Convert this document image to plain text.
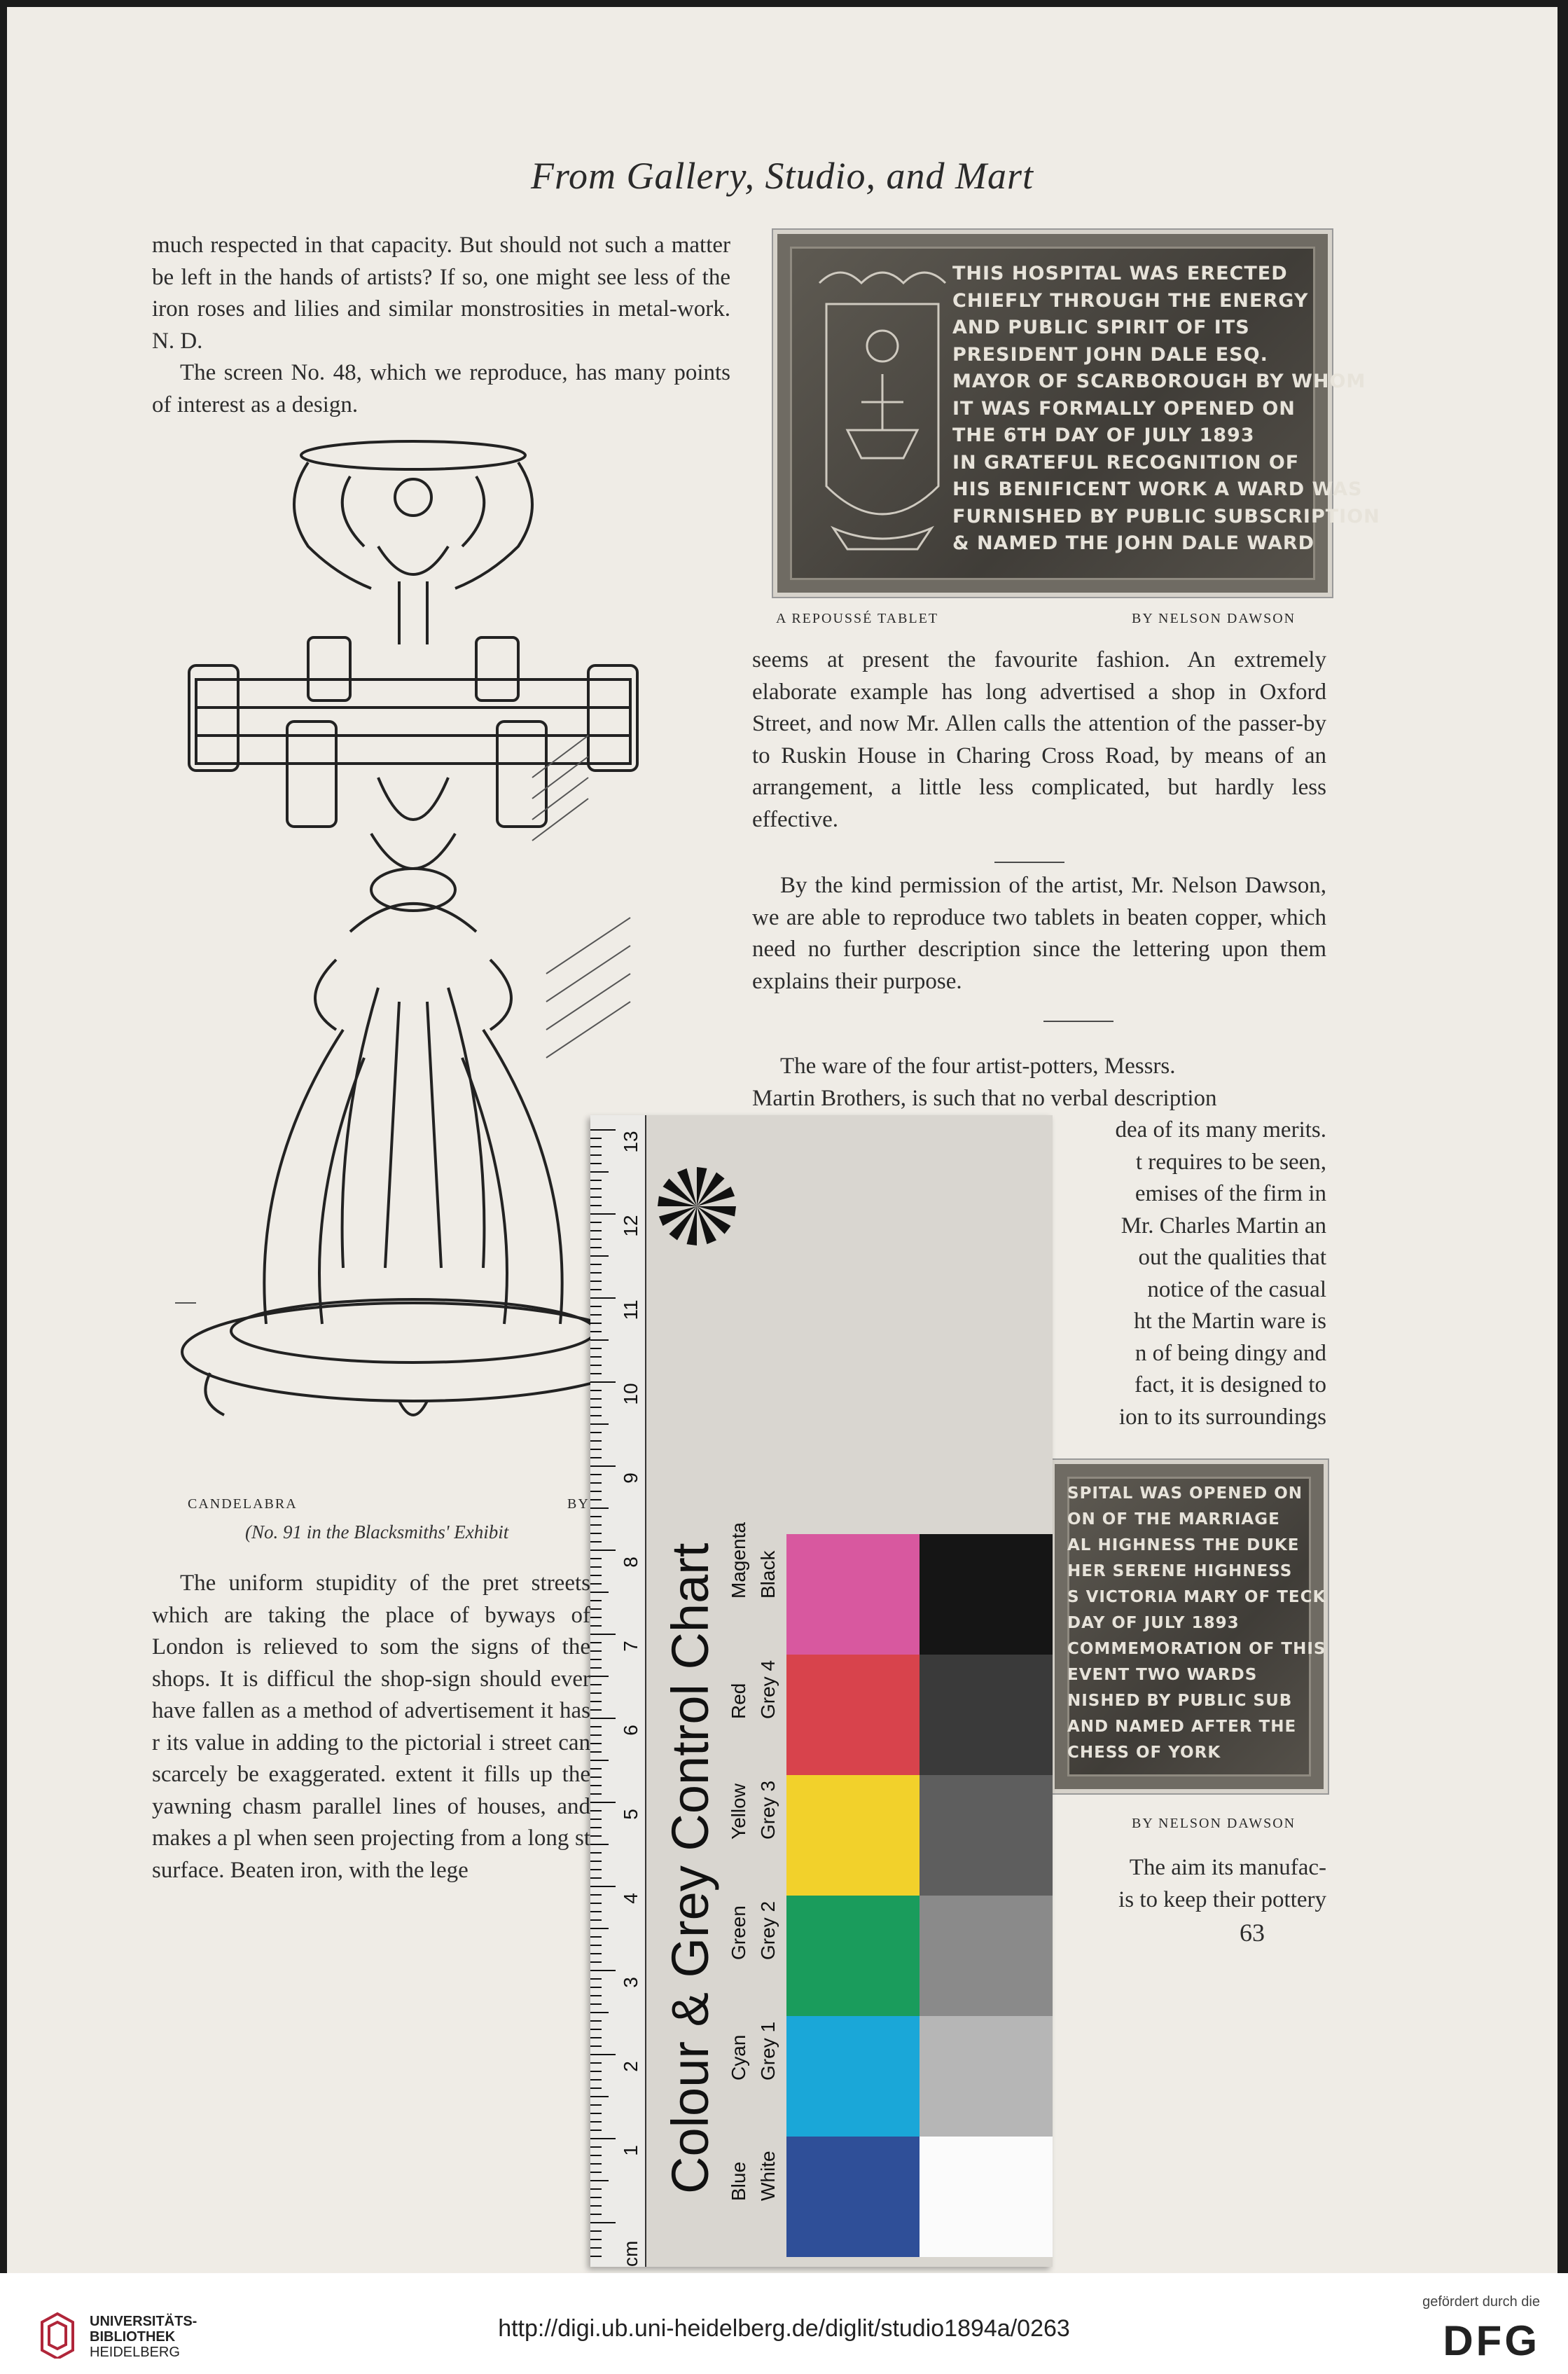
From Gallery, Studio, and Mart

much respected in that capacity. But should not such a matter be left in the hands of artists? If so, one might see less of the iron roses and lilies and similar monstrosities in metal-work. N. D.

The screen No. 48, which we reproduce, has many points of interest as a design.

CANDELABRA	BY
(No. 91 in the Blacksmiths' Exhibit

The uniform stupidity of the pret streets which are taking the place of byways of London is relieved to som the signs of the shops. It is difficul the shop-sign should ever have fallen as a method of advertisement it has r its value in adding to the pictorial i street can scarcely be exaggerated. extent it fills up the yawning chasm parallel lines of houses, and makes a pl when seen projecting from a long st surface. Beaten iron, with the lege

THIS HOSPITAL WAS ERECTED
CHIEFLY THROUGH THE ENERGY
AND PUBLIC SPIRIT OF ITS
PRESIDENT JOHN DALE ESQ.
MAYOR OF SCARBOROUGH BY WHOM
IT WAS FORMALLY OPENED ON
THE 6TH DAY OF JULY 1893
IN GRATEFUL RECOGNITION OF
HIS BENIFICENT WORK A WARD WAS
FURNISHED BY PUBLIC SUBSCRIPTION
& NAMED THE JOHN DALE WARD
A REPOUSSÉ TABLET	BY NELSON DAWSON

seems at present the favourite fashion. An extremely elaborate example has long advertised a shop in Oxford Street, and now Mr. Allen calls the attention of the passer-by to Ruskin House in Charing Cross Road, by means of an arrangement, a little less complicated, but hardly less effective.

By the kind permission of the artist, Mr. Nelson Dawson, we are able to reproduce two tablets in beaten copper, which need no further description since the lettering upon them explains their purpose.

The ware of the four artist-potters, Messrs.
Martin Brothers, is such that no verbal description
dea of its many merits.
t requires to be seen,
emises of the firm in
Mr. Charles Martin an
out the qualities that
notice of the casual
ht the Martin ware is
n of being dingy and
fact, it is designed to
ion to its surroundings
SPITAL WAS OPENED ON
ON OF THE MARRIAGE
AL HIGHNESS THE DUKE
HER SERENE HIGHNESS
S VICTORIA MARY OF TECK
DAY OF JULY 1893
COMMEMORATION OF THIS
EVENT TWO WARDS
NISHED BY PUBLIC SUB
AND NAMED AFTER THE
CHESS OF YORK
BY NELSON DAWSON
The aim its manufac-
is to keep their pottery
63
cm
1
2
3
4
5
6
7
8
9
10
11
12
13
Colour & Grey Control Chart Blue White
Cyan Grey 1
Green Grey 2
Yellow Grey 3
Red Grey 4
Magenta Black
UNIVERSITÄTS-
BIBLIOTHEK
HEIDELBERG
http://digi.ub.uni-heidelberg.de/diglit/studio1894a/0263
gefördert durch die
DFG
